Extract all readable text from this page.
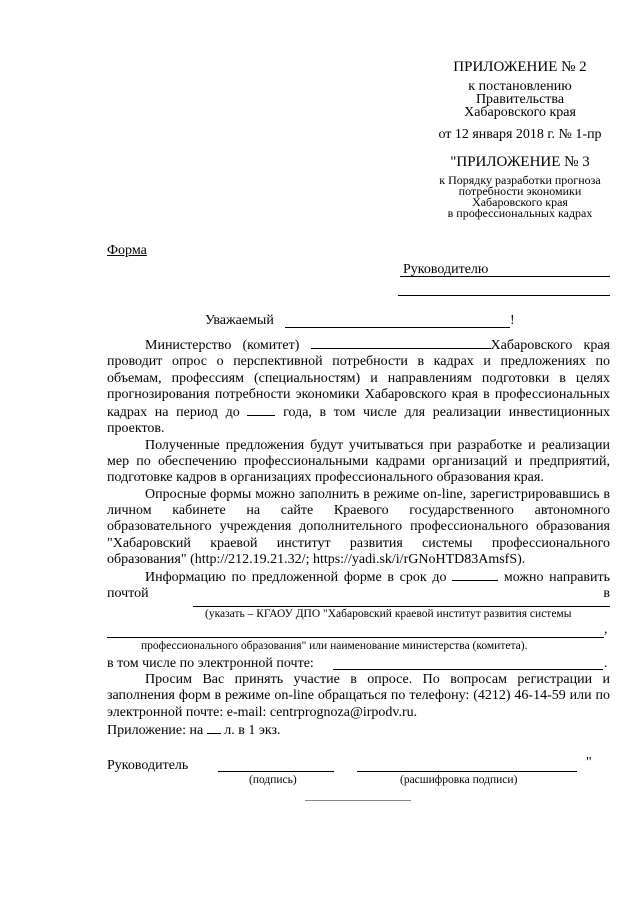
ПРИЛОЖЕНИЕ № 2
к постановлению
Правительства
Хабаровского края
от 12 января 2018 г. № 1-пр
"ПРИЛОЖЕНИЕ № 3
к Порядку разработки прогноза
потребности экономики
Хабаровского края
в профессиональных кадрах
Форма
Руководителю
Уважаемый	!

Министерство (комитет)	Хабаровского края проводит опрос о перспективной потребности в кадрах и предложениях по объемам, профессиям (специальностям) и направлениям подготовки в целях прогнозирования потребности экономики Хабаровского края в профессиональных кадрах на период до	года, в том числе для реализации инвестиционных проектов.

Полученные предложения будут учитываться при разработке и реализации мер по обеспечению профессиональными кадрами организаций и предприятий, подготовке кадров в организациях профессионального образования края.

Опросные формы можно заполнить в режиме on-line, зарегистрировавшись в личном кабинете на сайте Краевого государственного автономного образовательного учреждения дополнительного профессионального образования "Хабаровский краевой институт развития системы профессионального образования" (http://212.19.21.32/; https://yadi.sk/i/rGNoHTD83AmsfS).

Информацию по предложенной форме в срок до	можно направить почтой в

(указать – КГАОУ ДПО "Хабаровский краевой институт развития системы
,
профессионального образования" или наименование министерства (комитета).
в том числе по электронной почте:	.

Просим Вас принять участие в опросе. По вопросам регистрации и заполнения форм в режиме on-line обращаться по телефону: (4212) 46-14-59 или по электронной почте: e-mail: centrprognoza@irpodv.ru.

Приложение: на л. в 1 экз.

Руководитель	"
(подпись)	(расшифровка подписи)
